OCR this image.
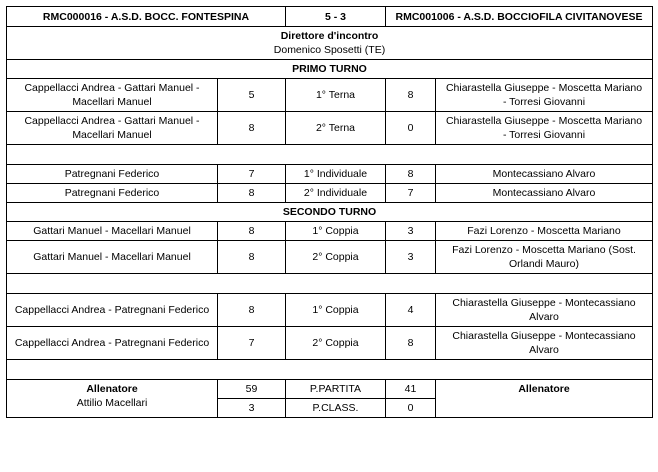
RMC000016 - A.S.D. BOCC. FONTESPINA		5 - 3	RMC001006 - A.S.D. BOCCIOFILA CIVITANOVESE	

Direttore d'incontro
Domenico Sposetti (TE)				

PRIMO TURNO				

Cappellacci Andrea - Gattari Manuel -
Macellari Manuel	5	1° Terna	8	Chiarastella Giuseppe - Moscetta Mariano
- Torresi Giovanni

Cappellacci Andrea - Gattari Manuel -
Macellari Manuel	8	2° Terna	0	Chiarastella Giuseppe - Moscetta Mariano
- Torresi Giovanni

Patregnani Federico	7	1° Individuale	8	Montecassiano Alvaro
Patregnani Federico	8	2° Individuale	7	Montecassiano Alvaro
SECONDO TURNO				
Gattari Manuel - Macellari Manuel	8	1° Coppia	3	Fazi Lorenzo - Moscetta Mariano

Gattari Manuel - Macellari Manuel	8	2° Coppia	3	Fazi Lorenzo - Moscetta Mariano (Sost.
Orlandi Mauro)

Cappellacci Andrea - Patregnani Federico	8	1° Coppia	4	Chiarastella Giuseppe - Montecassiano
Alvaro

Cappellacci Andrea - Patregnani Federico	7	2° Coppia	8	Chiarastella Giuseppe - Montecassiano
Alvaro

Allenatore
Attilio Macellari	59	P.PARTITA	41	Allenatore

	3	P.CLASS.	0	
